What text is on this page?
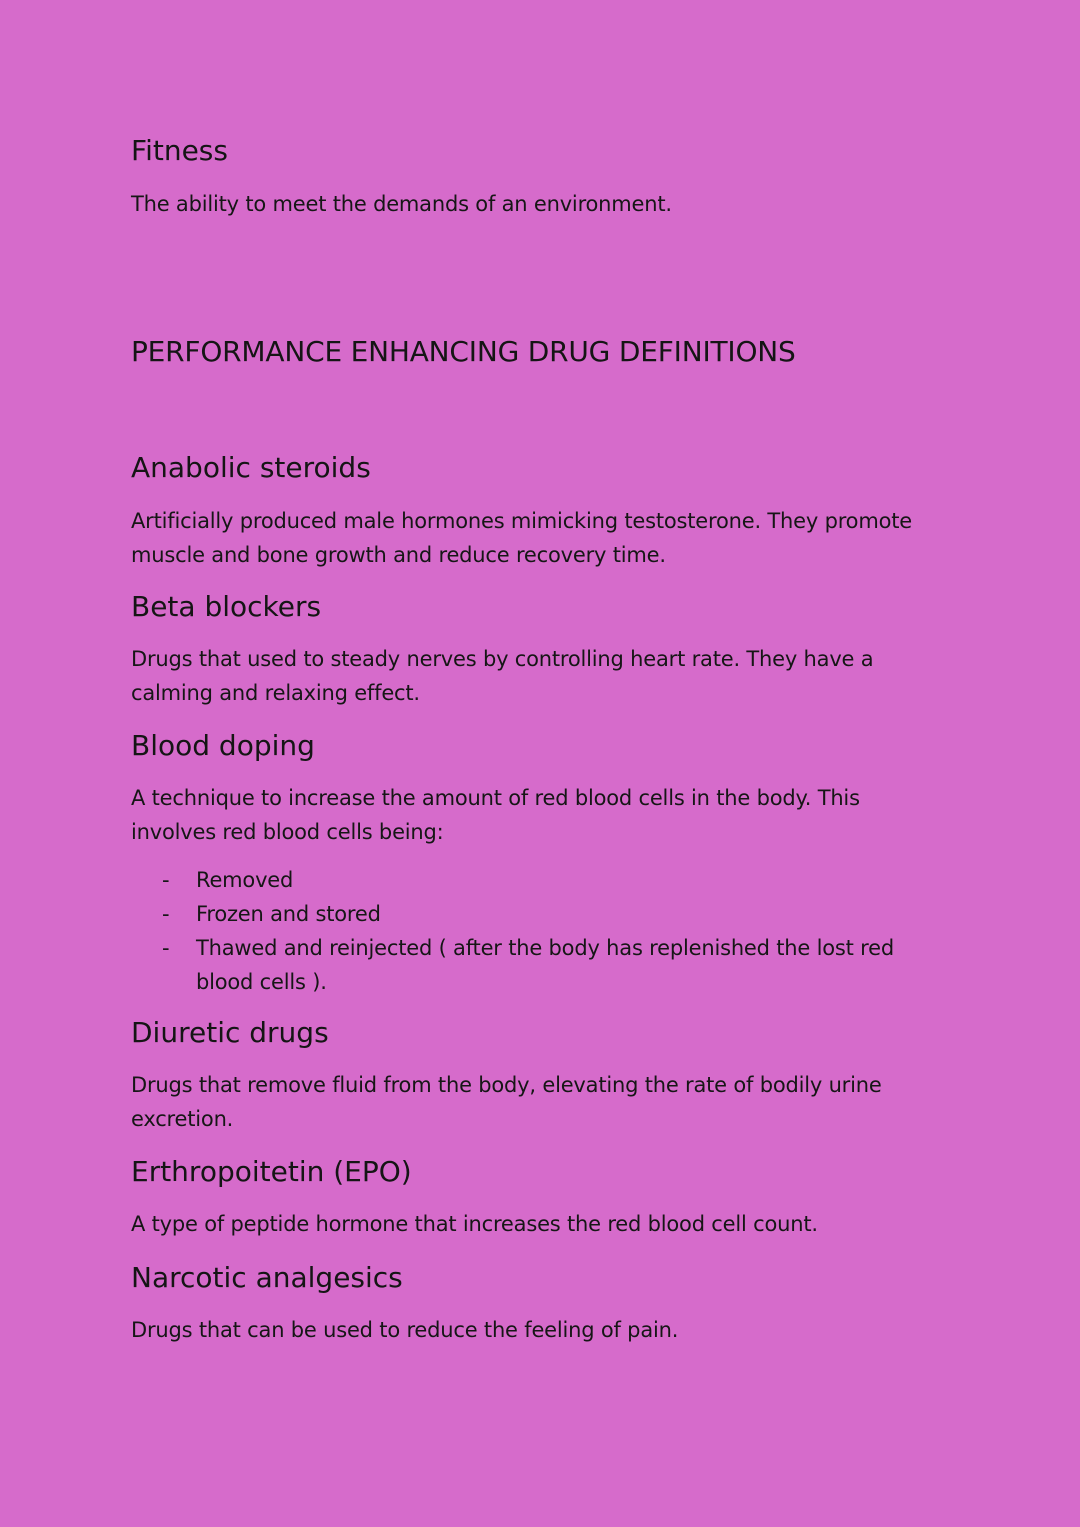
Fitness

The ability to meet the demands of an environment.

PERFORMANCE ENHANCING DRUG DEFINITIONS
Anabolic steroids

Artificially produced male hormones mimicking testosterone. They promote muscle and bone growth and reduce recovery time.

Beta blockers

Drugs that used to steady nerves by controlling heart rate. They have a calming and relaxing effect.

Blood doping

A technique to increase the amount of red blood cells in the body. This involves red blood cells being:

- Removed
- Frozen and stored
- Thawed and reinjected ( after the body has replenished the lost red blood cells ).
Diuretic drugs

Drugs that remove fluid from the body, elevating the rate of bodily urine excretion.

Erthropoitetin (EPO)

A type of peptide hormone that increases the red blood cell count.

Narcotic analgesics

Drugs that can be used to reduce the feeling of pain.
